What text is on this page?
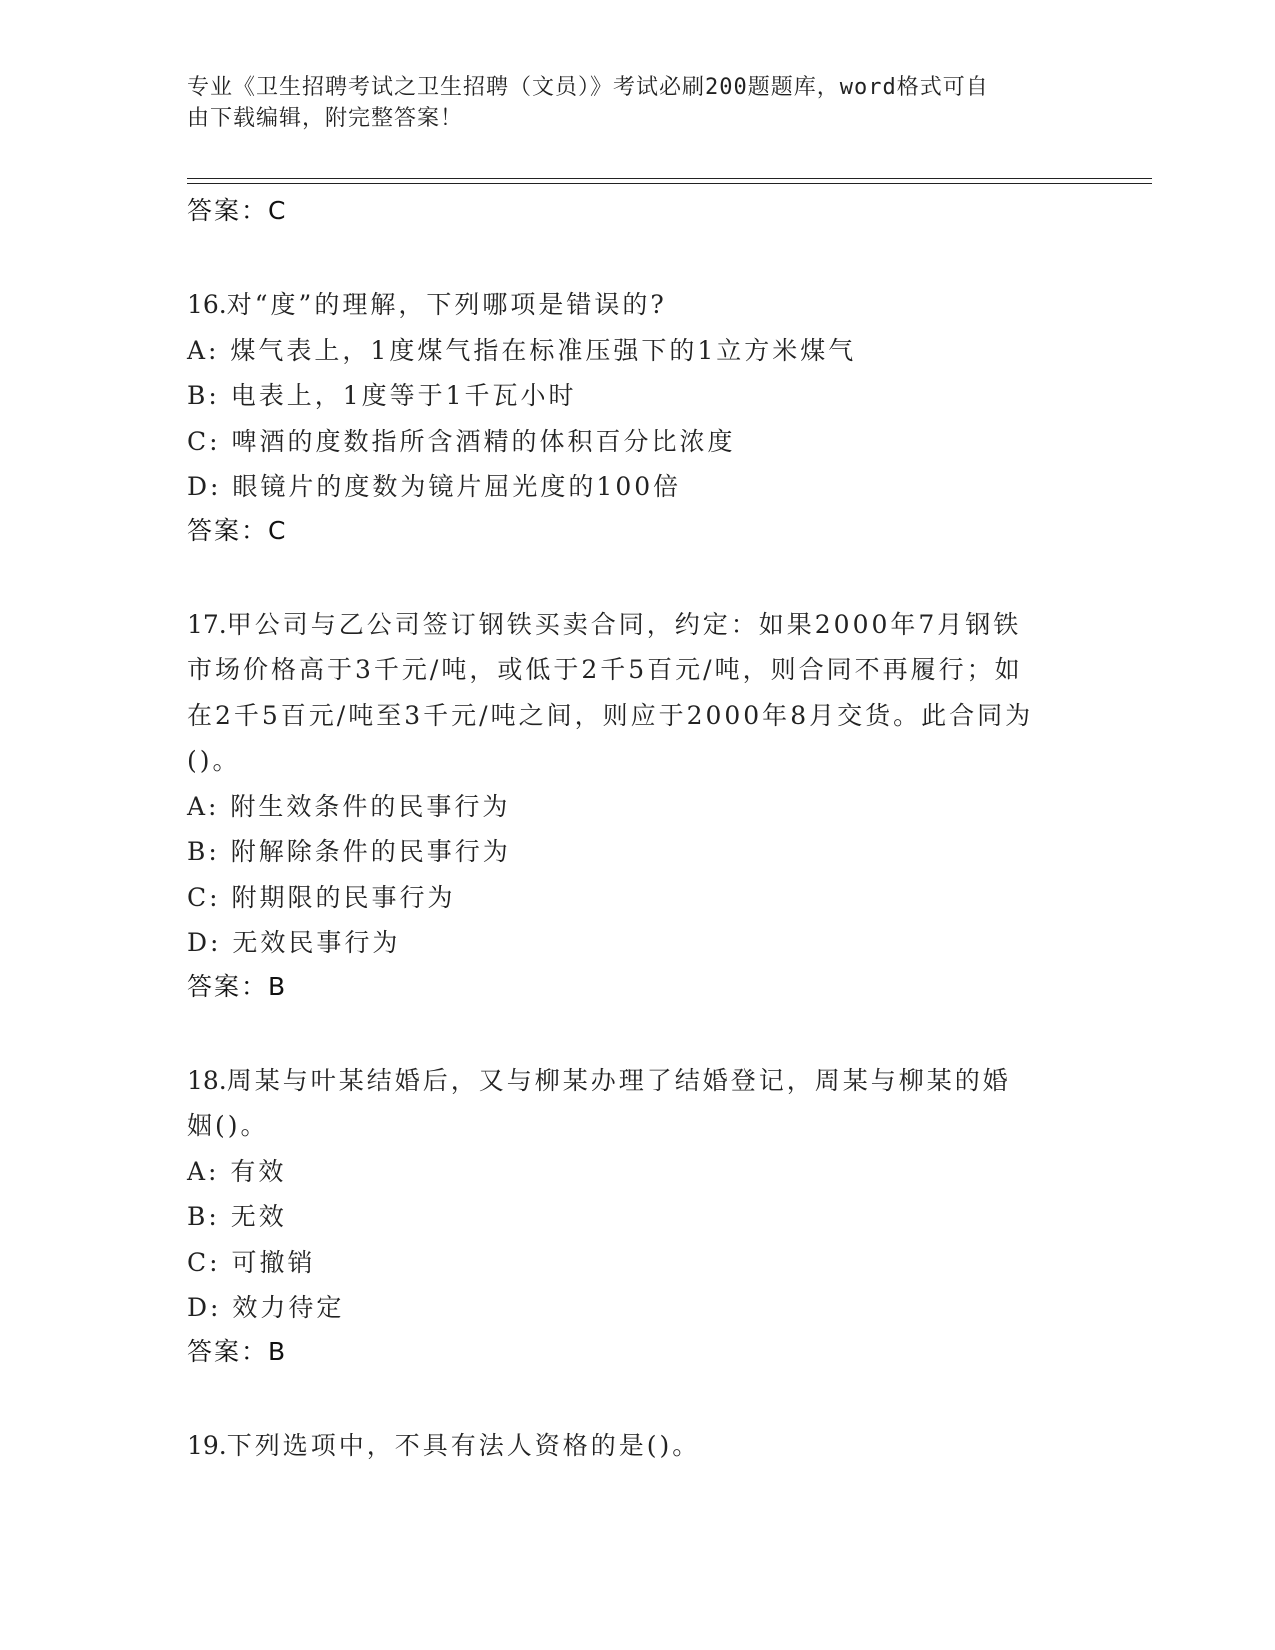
专业《卫生招聘考试之卫生招聘（文员）》考试必刷200题题库，word格式可自
由下载编辑，附完整答案！
答案：C
16.对“度”的理解，下列哪项是错误的?
A: 煤气表上，1度煤气指在标准压强下的1立方米煤气
B: 电表上，1度等于1千瓦小时
C: 啤酒的度数指所含酒精的体积百分比浓度
D: 眼镜片的度数为镜片屈光度的100倍
答案：C
17.甲公司与乙公司签订钢铁买卖合同，约定：如果2000年7月钢铁市场价格高于3千元/吨，或低于2千5百元/吨，则合同不再履行；如在2千5百元/吨至3千元/吨之间，则应于2000年8月交货。此合同为()。
A: 附生效条件的民事行为
B: 附解除条件的民事行为
C: 附期限的民事行为
D: 无效民事行为
答案：B
18.周某与叶某结婚后，又与柳某办理了结婚登记，周某与柳某的婚姻()。
A: 有效
B: 无效
C: 可撤销
D: 效力待定
答案：B
19.下列选项中，不具有法人资格的是()。
